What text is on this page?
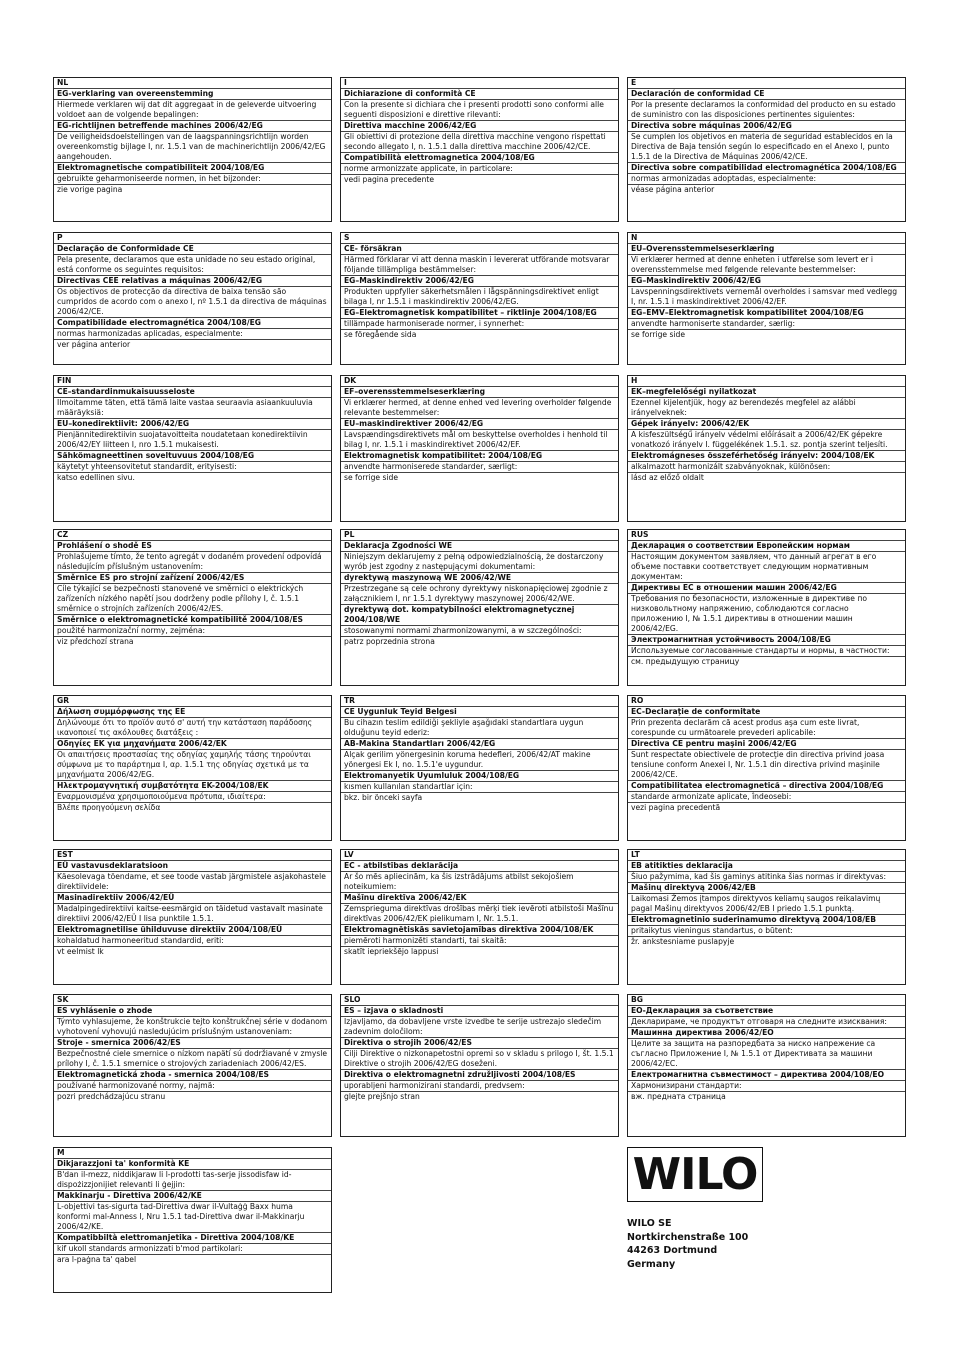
NL
EG-verklaring van overeenstemming
Hiermede verklaren wij dat dit aggregaat in de geleverde uitvoering voldoet aan de volgende bepalingen:
EG-richtlijnen betreffende machines 2006/42/EG
De veiligheidsdoelstellingen van de laagspanningsrichtlijn worden overeenkomstig bijlage I, nr. 1.5.1 van de machinerichtlijn 2006/42/EG aangehouden.
Elektromagnetische compatibiliteit 2004/108/EG
gebruikte geharmoniseerde normen, in het bijzonder:
zie vorige pagina
I
Dichiarazione di conformità CE
Con la presente si dichiara che i presenti prodotti sono conformi alle seguenti disposizioni e direttive rilevanti:
Direttiva macchine 2006/42/EG
Gli obiettivi di protezione della direttiva macchine vengono rispettati secondo allegato I, n. 1.5.1 dalla direttiva macchine 2006/42/CE.
Compatibilità elettromagnetica 2004/108/EG
norme armonizzate applicate, in particolare:
vedi pagina precedente
E
Declaración de conformidad CE
Por la presente declaramos la conformidad del producto en su estado de suministro con las disposiciones pertinentes siguientes:
Directiva sobre máquinas 2006/42/EG
Se cumplen los objetivos en materia de seguridad establecidos en la Directiva de Baja tensión según lo especificado en el Anexo I, punto 1.5.1 de la Directiva de Máquinas 2006/42/CE.
Directiva sobre compatibilidad electromagnética 2004/108/EG
normas armonizadas adoptadas, especialmente:
véase página anterior
P
Declaração de Conformidade CE
Pela presente, declaramos que esta unidade no seu estado original, está conforme os seguintes requisitos:
Directivas CEE relativas a máquinas 2006/42/EG
Os objectivos de protecção da directiva de baixa tensão são cumpridos de acordo com o anexo I, nº 1.5.1 da directiva de máquinas 2006/42/CE.
Compatibilidade electromagnética 2004/108/EG
normas harmonizadas aplicadas, especialmente:
ver página anterior
S
CE- försäkran
Härmed förklarar vi att denna maskin i levererat utförande motsvarar följande tillämpliga bestämmelser:
EG–Maskindirektiv 2006/42/EG
Produkten uppfyller säkerhetsmålen i lågspänningsdirektivet enligt bilaga I, nr 1.5.1 i maskindirektiv 2006/42/EG.
EG–Elektromagnetisk kompatibilitet – riktlinje 2004/108/EG
tillämpade harmoniserade normer, i synnerhet:
se föregående sida
N
EU–Overensstemmelseserklæring
Vi erklærer hermed at denne enheten i utførelse som levert er i overensstemmelse med følgende relevante bestemmelser:
EG–Maskindirektiv 2006/42/EG
Lavspenningsdirektivets vernemål overholdes i samsvar med vedlegg I, nr. 1.5.1 i maskindirektivet 2006/42/EF.
EG–EMV–Elektromagnetisk kompatibilitet 2004/108/EG
anvendte harmoniserte standarder, særlig:
se forrige side
FIN
CE–standardinmukaisuusseloste
Ilmoitamme täten, että tämä laite vastaa seuraavia asiaankuuluvia määräyksiä:
EU–konedirektiivit: 2006/42/EG
Pienjännitedirektiivin suojatavoitteita noudatetaan konedirektiivin 2006/42/EY liitteen I, nro 1.5.1 mukaisesti.
Sähkömagneettinen soveltuvuus 2004/108/EG
käytetyt yhteensovitetut standardit, erityisesti:
katso edellinen sivu.
DK
EF–overensstemmelseserklæring
Vi erklærer hermed, at denne enhed ved levering overholder følgende relevante bestemmelser:
EU–maskindirektiver 2006/42/EG
Lavspændingsdirektivets mål om beskyttelse overholdes i henhold til bilag I, nr. 1.5.1 i maskindirektivet 2006/42/EF.
Elektromagnetisk kompatibilitet: 2004/108/EG
anvendte harmoniserede standarder, særligt:
se forrige side
H
EK–megfelelőségi nyilatkozat
Ezennel kijelentjük, hogy az berendezés megfelel az alábbi irányelveknek:
Gépek irányelv: 2006/42/EK
A kisfeszültségű irányelv védelmi előírásait a 2006/42/EK gépekre vonatkozó irányelv I. függelékének 1.5.1. sz. pontja szerint teljesíti.
Elektromágneses összeférhetőség irányelv: 2004/108/EK
alkalmazott harmonizált szabványoknak, különösen:
lásd az előző oldalt
CZ
Prohlášení o shodě ES
Prohlašujeme tímto, že tento agregát v dodaném provedení odpovídá následujícím příslušným ustanovením:
Směrnice ES pro strojní zařízení 2006/42/ES
Cíle týkající se bezpečnosti stanovené ve směrnici o elektrických zařízeních nízkého napětí jsou dodrženy podle přílohy I, č. 1.5.1 směrnice o strojních zařízeních 2006/42/ES.
Směrnice o elektromagnetické kompatibilitě 2004/108/ES
použité harmonizační normy, zejména:
viz předchozí strana
PL
Deklaracja Zgodności WE
Niniejszym deklarujemy z pełną odpowiedzialnością, że dostarczony wyrób jest zgodny z następującymi dokumentami:
dyrektywą maszynową WE 2006/42/WE
Przestrzegane są cele ochrony dyrektywy niskonapięciowej zgodnie z załącznikiem I, nr 1.5.1 dyrektywy maszynowej 2006/42/WE.
dyrektywą dot. kompatybilności elektromagnetycznej 2004/108/WE
stosowanymi normami zharmonizowanymi, a w szczególności:
patrz poprzednia strona
RUS
Декларация о соответствии Европейским нормам
Настоящим документом заявляем, что данный агрегат в его объеме поставки соответствует следующим нормативным документам:
Директивы ЕС в отношении машин 2006/42/EG
Требования по безопасности, изложенные в директиве по низковольтному напряжению, соблюдаются согласно приложению I, № 1.5.1 директивы в отношении машин 2006/42/EG.
Электромагнитная устойчивость 2004/108/EG
Используемые согласованные стандарты и нормы, в частности:
см. предыдущую страницу
GR
Δήλωση συμμόρφωσης της ΕΕ
Δηλώνουμε ότι το προϊόν αυτό σ' αυτή την κατάσταση παράδοσης ικανοποιεί τις ακόλουθες διατάξεις :
Οδηγίες EK για μηχανήματα 2006/42/EK
Οι απαιτήσεις προστασίας της οδηγίας χαμηλής τάσης τηρούνται σύμφωνα με το παράρτημα I, αρ. 1.5.1 της οδηγίας σχετικά με τα μηχανήματα 2006/42/EG.
Ηλεκτρομαγνητική συμβατότητα EK-2004/108/EK
Εναρμονισμένα χρησιμοποιούμενα πρότυπα, ιδιαίτερα:
Βλέπε προηγούμενη σελίδα
TR
CE Uygunluk Teyid Belgesi
Bu cihazın teslim edildiği şekliyle aşağıdaki standartlara uygun olduğunu teyid ederiz:
AB-Makina Standartları 2006/42/EG
Alçak gerilim yönergesinin koruma hedefleri, 2006/42/AT makine yönergesi Ek I, no. 1.5.1'e uygundur.
Elektromanyetik Uyumluluk 2004/108/EG
kısmen kullanılan standartlar için:
bkz. bir önceki sayfa
RO
EC-Declaraţie de conformitate
Prin prezenta declarăm că acest produs aşa cum este livrat, corespunde cu următoarele prevederi aplicabile:
Directiva CE pentru maşini 2006/42/EG
Sunt respectate obiectivele de protecţie din directiva privind joasa tensiune conform Anexei I, Nr. 1.5.1 din directiva privind maşinile 2006/42/CE.
Compatibilitatea electromagnetică – directiva 2004/108/EG
standarde armonizate aplicate, îndeosebi:
vezi pagina precedentă
EST
EÜ vastavusdeklaratsioon
Käesolevaga tõendame, et see toode vastab järgmistele asjakohastele direktiividele:
Masinadirektiiv 2006/42/EÜ
Madalpingedirektiivi kaitse-eesmärgid on täidetud vastavalt masinate direktiivi 2006/42/EÜ I lisa punktile 1.5.1.
Elektromagnetilise ühilduvuse direktiiv 2004/108/EÜ
kohaldatud harmoneeritud standardid, eriti:
vt eelmist lk
LV
EC - atbilstības deklarācija
Ar šo mēs apliecinām, ka šis izstrādājums atbilst sekojošiem noteikumiem:
Mašīnu direktīva 2006/42/EK
Zemsprieguma direktīvas drošības mērķi tiek ievēroti atbilstoši Mašīnu direktīvas 2006/42/EK pielikumam I, Nr. 1.5.1.
Elektromagnētiskās savietojamības direktīva 2004/108/EK
piemēroti harmonizēti standarti, tai skaitā:
skatīt iepriekšējo lappusi
LT
EB atitikties deklaracija
Šiuo pažymima, kad šis gaminys atitinka šias normas ir direktyvas:
Mašinų direktyvą 2006/42/EB
Laikomasi Žemos įtampos direktyvos keliamų saugos reikalavimų pagal Mašinų direktyvos 2006/42/EB I priedo 1.5.1 punktą.
Elektromagnetinio suderinamumo direktyvą 2004/108/EB
pritaikytus vieningus standartus, o būtent:
žr. ankstesniame puslapyje
SK
ES vyhlásenie o zhode
Týmto vyhlasujeme, že konštrukcie tejto konštrukčnej série v dodanom vyhotovení vyhovujú nasledujúcim príslušným ustanoveniam:
Stroje - smernica 2006/42/ES
Bezpečnostné ciele smernice o nízkom napätí sú dodržiavané v zmysle prílohy I, č. 1.5.1 smernice o strojových zariadeniach 2006/42/ES.
Elektromagnetická zhoda - smernica 2004/108/ES
používané harmonizované normy, najmä:
pozri predchádzajúcu stranu
SLO
ES – izjava o skladnosti
Izjavljamo, da dobavljene vrste izvedbe te serije ustrezajo sledečim zadevnim določilom:
Direktiva o strojih 2006/42/ES
Cilji Direktive o nizkonapetostni opremi so v skladu s prilogo I, št. 1.5.1 Direktive o strojih 2006/42/EG doseženi.
Direktiva o elektromagnetni združljivosti 2004/108/ES
uporabljeni harmonizirani standardi, predvsem:
glejte prejšnjo stran
BG
ЕО-Декларация за съответствие
Декларираме, че продуктът отговаря на следните изисквания:
Машинна директива 2006/42/ЕО
Целите за защита на разпоредбата за ниско напрежение са съгласно Приложение I, № 1.5.1 от Директивата за машини 2006/42/EC.
Електромагнитна съвместимост – директива 2004/108/ЕО
Хармонизирани стандарти:
вж. предната страница
M
Dikjarazzjoni ta' konformità KE
B'dan il-mezz, niddikjaraw li l-prodotti tas-serje jissodisfaw id-dispożizzjonijiet relevanti li ġejjin:
Makkinarju - Direttiva 2006/42/KE
L-objettivi tas-sigurta tad-Direttiva dwar il-Vultaġġ Baxx huma konformi mal-Anness I, Nru 1.5.1 tad-Direttiva dwar il-Makkinarju 2006/42/KE.
Kompatibbiltà elettromanjetika - Direttiva 2004/108/KE
kif ukoll standards armonizzati b'mod partikolari:
ara l-paġna ta' qabel
WILO
WILO SE
Nortkirchenstraße 100
44263 Dortmund
Germany
